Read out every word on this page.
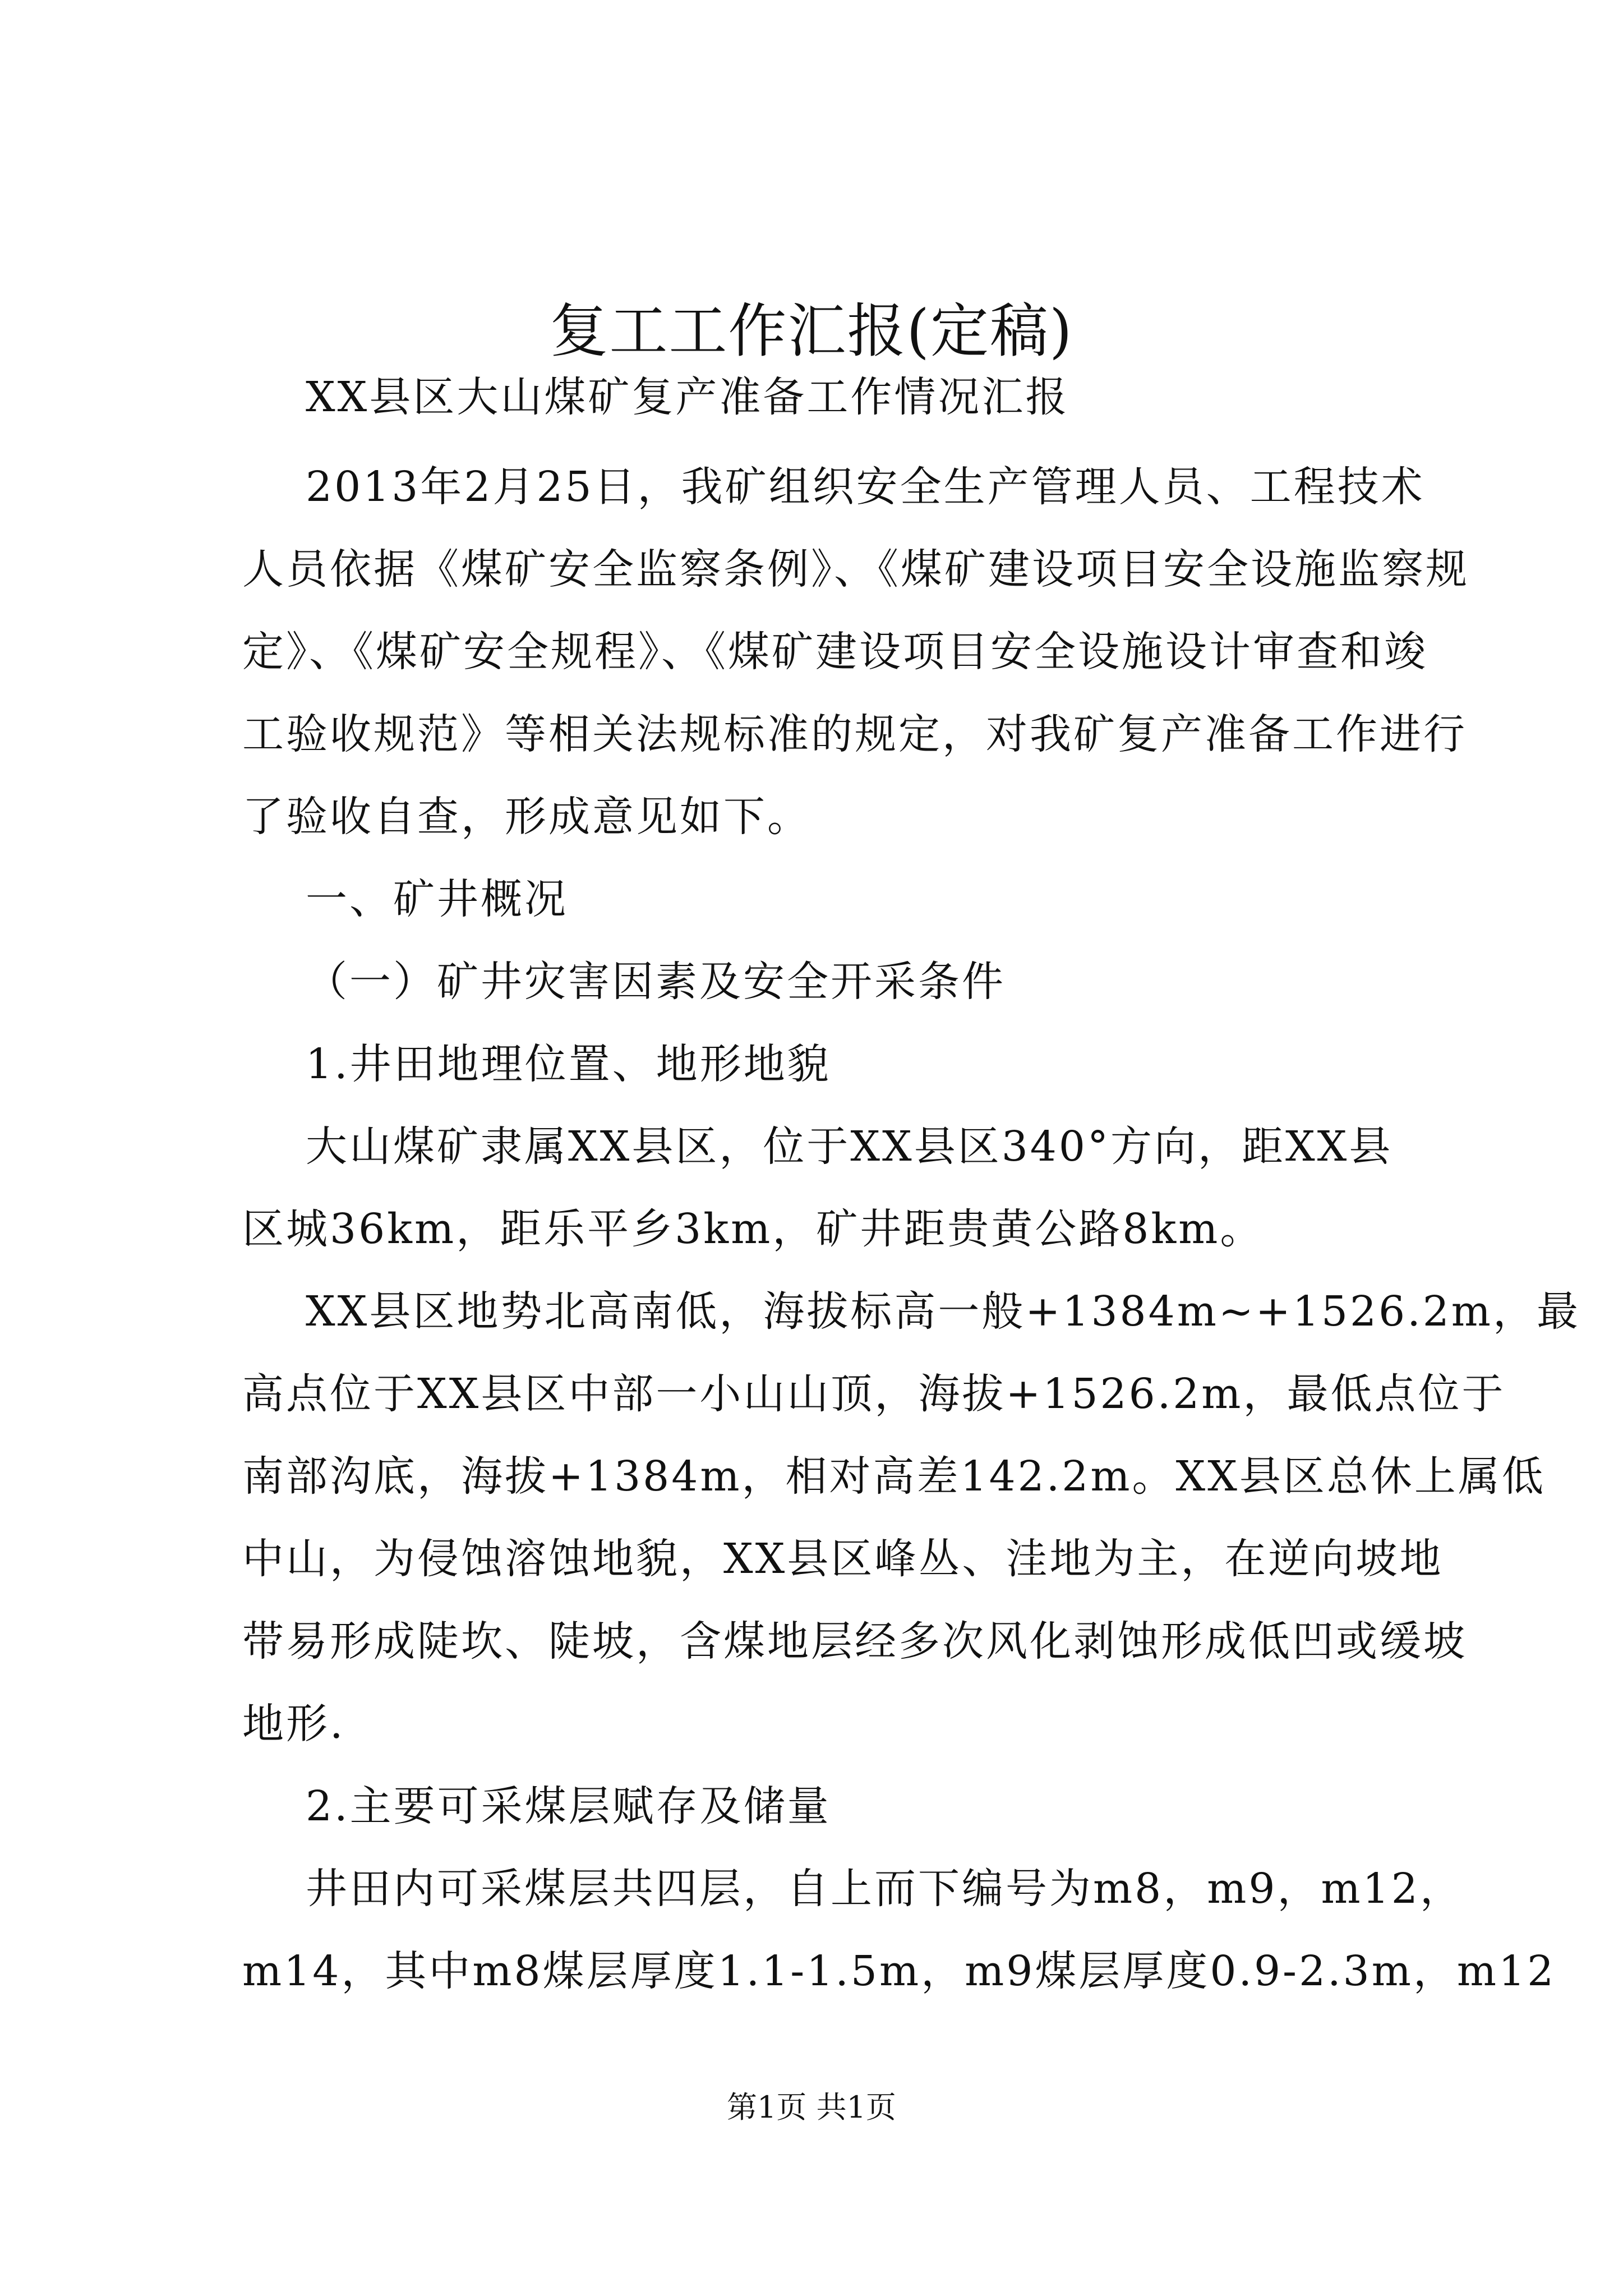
复工工作汇报(定稿)
XX县区大山煤矿复产准备工作情况汇报
2013年2月25日，我矿组织安全生产管理人员、工程技术
人员依据《煤矿安全监察条例》、《煤矿建设项目安全设施监察规
定》、《煤矿安全规程》、《煤矿建设项目安全设施设计审查和竣
工验收规范》等相关法规标准的规定，对我矿复产准备工作进行
了验收自查，形成意见如下。
一、矿井概况
（一）矿井灾害因素及安全开采条件
1.井田地理位置、地形地貌
大山煤矿隶属XX县区，位于XX县区340°方向，距XX县
区城36km，距乐平乡3km，矿井距贵黄公路8km。
XX县区地势北高南低，海拔标高一般+1384m~+1526.2m，最
高点位于XX县区中部一小山山顶，海拔+1526.2m，最低点位于
南部沟底，海拔+1384m，相对高差142.2m。XX县区总休上属低
中山，为侵蚀溶蚀地貌，XX县区峰丛、洼地为主，在逆向坡地
带易形成陡坎、陡坡，含煤地层经多次风化剥蚀形成低凹或缓坡
地形.
2.主要可采煤层赋存及储量
井田内可采煤层共四层，自上而下编号为m8，m9，m12，
m14，其中m8煤层厚度1.1-1.5m，m9煤层厚度0.9-2.3m，m12
第1页 共1页
